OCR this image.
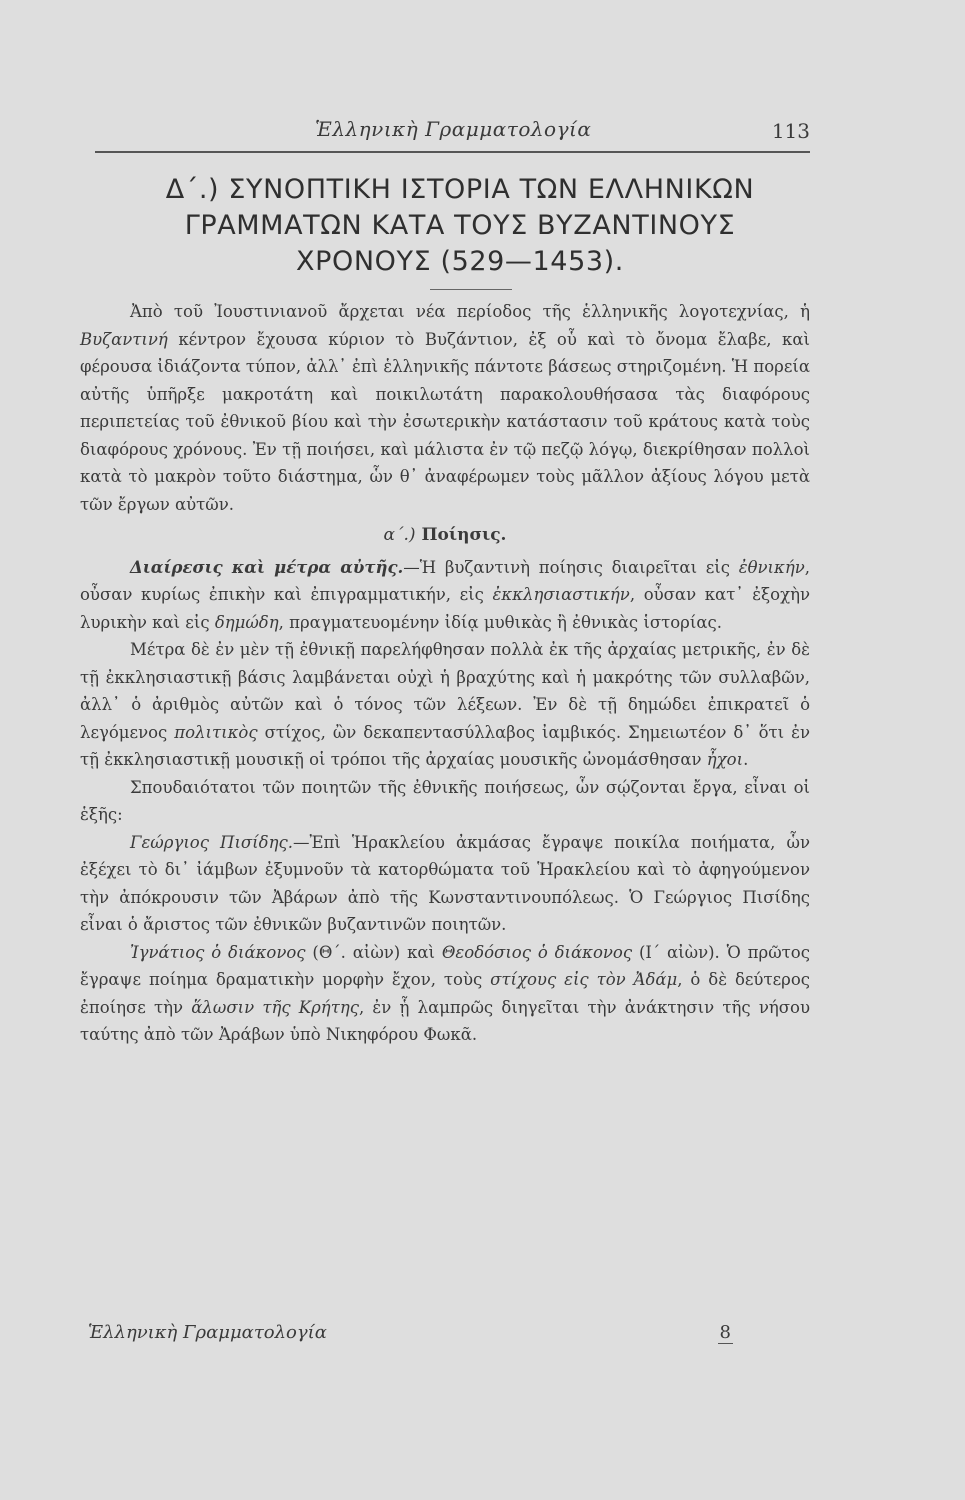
Ἑλληνικὴ Γραμματολογία	113
Δ´.) ΣΥΝΟΠΤΙΚΗ ΙΣΤΟΡΙΑ ΤΩΝ ΕΛΛΗΝΙΚΩΝ ΓΡΑΜΜΑΤΩΝ ΚΑΤΑ ΤΟΥΣ ΒΥΖΑΝΤΙΝΟΥΣ ΧΡΟΝΟΥΣ (529—1453).

Ἀπὸ τοῦ Ἰουστινιανοῦ ἄρχεται νέα περίοδος τῆς ἑλληνικῆς λογοτεχνίας, ἡ Βυζαντινή κέντρον ἔχουσα κύριον τὸ Βυζάντιον, ἐξ οὗ καὶ τὸ ὄνομα ἔλαβε, καὶ φέρουσα ἰδιάζοντα τύπον, ἀλλ᾽ ἐπὶ ἑλληνικῆς πάντοτε βάσεως στηριζομένη. Ἡ πορεία αὐτῆς ὑπῆρξε μακροτάτη καὶ ποικιλωτάτη παρακολουθήσασα τὰς διαφόρους περιπετείας τοῦ ἐθνικοῦ βίου καὶ τὴν ἐσωτερικὴν κατάστασιν τοῦ κράτους κατὰ τοὺς διαφόρους χρόνους. Ἐν τῇ ποιήσει, καὶ μάλιστα ἐν τῷ πεζῷ λόγῳ, διεκρίθησαν πολλοὶ κατὰ τὸ μακρὸν τοῦτο διάστημα, ὧν θ᾽ ἀναφέρωμεν τοὺς μᾶλλον ἀξίους λόγου μετὰ τῶν ἔργων αὐτῶν.

α´.) Ποίησις.

Διαίρεσις καὶ μέτρα αὐτῆς.—Ἡ βυζαντινὴ ποίησις διαιρεῖται εἰς ἐθνικήν, οὖσαν κυρίως ἐπικὴν καὶ ἐπιγραμματικήν, εἰς ἐκκλησιαστικήν, οὖσαν κατ᾽ ἐξοχὴν λυρικὴν καὶ εἰς δημώδη, πραγματευομένην ἰδίᾳ μυθικὰς ἢ ἐθνικὰς ἱστορίας.

Μέτρα δὲ ἐν μὲν τῇ ἐθνικῇ παρελήφθησαν πολλὰ ἐκ τῆς ἀρχαίας μετρικῆς, ἐν δὲ τῇ ἐκκλησιαστικῇ βάσις λαμβάνεται οὐχὶ ἡ βραχύτης καὶ ἡ μακρότης τῶν συλλαβῶν, ἀλλ᾽ ὁ ἀριθμὸς αὐτῶν καὶ ὁ τόνος τῶν λέξεων. Ἐν δὲ τῇ δημώδει ἐπικρατεῖ ὁ λεγόμενος πολιτικὸς στίχος, ὢν δεκαπεντασύλλαβος ἰαμβικός. Σημειωτέον δ᾽ ὅτι ἐν τῇ ἐκκλησιαστικῇ μουσικῇ οἱ τρόποι τῆς ἀρχαίας μουσικῆς ὠνομάσθησαν ἦχοι.

Σπουδαιότατοι τῶν ποιητῶν τῆς ἐθνικῆς ποιήσεως, ὧν σῴζονται ἔργα, εἶναι οἱ ἑξῆς:

Γεώργιος Πισίδης.—Ἐπὶ Ἡρακλείου ἀκμάσας ἔγραψε ποικίλα ποιήματα, ὧν ἐξέχει τὸ δι᾽ ἰάμβων ἐξυμνοῦν τὰ κατορθώματα τοῦ Ἡρακλείου καὶ τὸ ἀφηγούμενον τὴν ἀπόκρουσιν τῶν Ἀβάρων ἀπὸ τῆς Κωνσταντινουπόλεως. Ὁ Γεώργιος Πισίδης εἶναι ὁ ἄριστος τῶν ἐθνικῶν βυζαντινῶν ποιητῶν.

Ἰγνάτιος ὁ διάκονος (Θ´. αἰὼν) καὶ Θεοδόσιος ὁ διάκονος (Ι´ αἰὼν). Ὁ πρῶτος ἔγραψε ποίημα δραματικὴν μορφὴν ἔχον, τοὺς στίχους εἰς τὸν Ἀδάμ, ὁ δὲ δεύτερος ἐποίησε τὴν ἅλωσιν τῆς Κρήτης, ἐν ᾗ λαμπρῶς διηγεῖται τὴν ἀνάκτησιν τῆς νήσου ταύτης ἀπὸ τῶν Ἀράβων ὑπὸ Νικηφόρου Φωκᾶ.

Ἑλληνικὴ Γραμματολογία	8
